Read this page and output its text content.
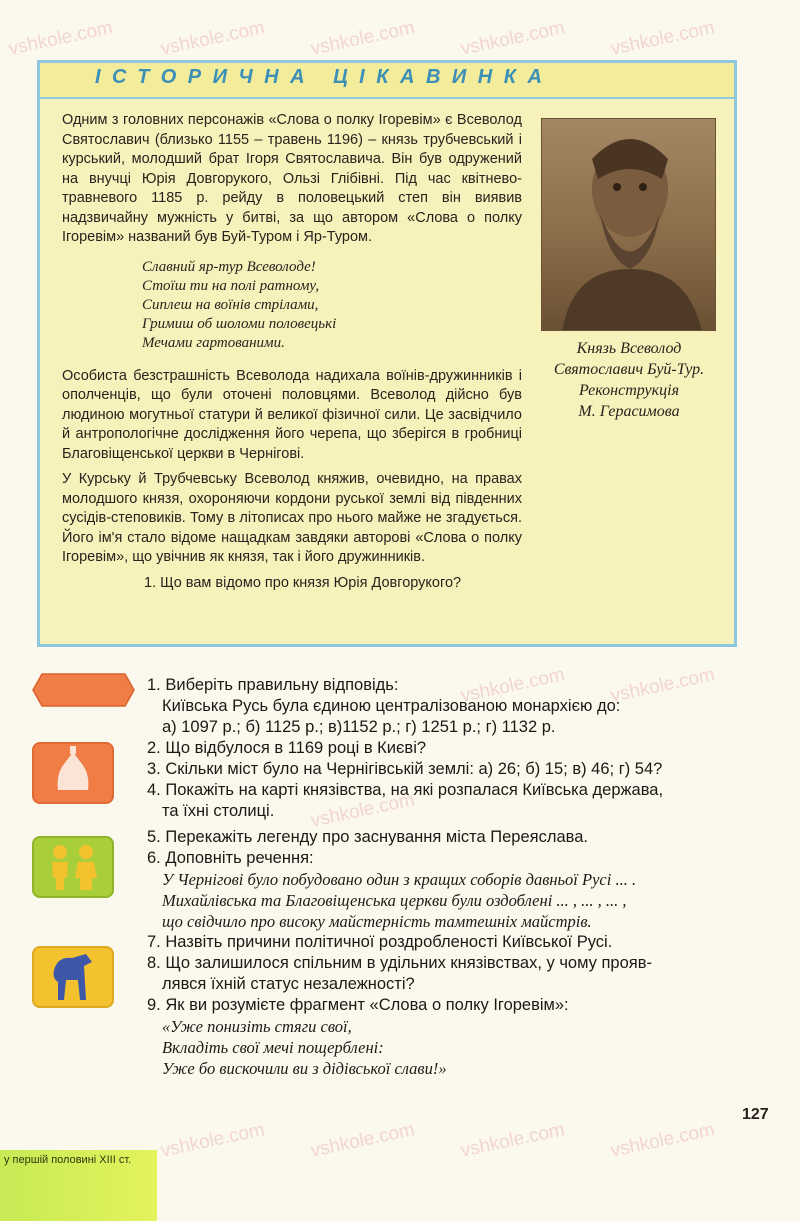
vshkole.com vshkole.com vshkole.com vshkole.com vshkole.com
vshkole.com vshkole.com
vshkole.com
vshkole.com
vshkole.com vshkole.com	vshkole.com
ІСТОРИЧНА ЦІКАВИНКА

Одним з головних персонажів «Слова о полку Ігоревім» є Всеволод Святославич (близько 1155 – травень 1196) – князь трубчевський і курський, молодший брат Ігоря Святославича. Він був одружений на внучці Юрія Довгорукого, Ользі Глібівні. Під час квітнево-травневого 1185 р. рейду в половецький степ він виявив надзвичайну мужність у битві, за що автором «Слова о полку Ігоревім» названий був Буй-Туром і Яр-Туром.

Славний яр-тур Всеволоде!
Стоїш ти на полі ратному,
Сиплеш на воїнів стрілами,
Гримиш об шоломи половецькі
Мечами гартованими.

Особиста безстрашність Всеволода надихала воїнів-дружинників і ополченців, що були оточені половцями. Всеволод дійсно був людиною могутньої статури й великої фізичної сили. Це засвідчило й антропологічне дослідження його черепа, що зберігся в гробниці Благовіщенської церкви в Чернігові.

У Курську й Трубчевську Всеволод княжив, очевидно, на правах молодшого князя, охороняючи кордони руської землі від південних сусідів-степовиків. Тому в літописах про нього майже не згадується. Його ім'я стало відоме нащадкам завдяки авторові «Слова о полку Ігоревім», що увічнив як князя, так і його дружинників.

1. Що вам відомо про князя Юрія Довгорукого?
Князь Всеволод
Святославич Буй-Тур.
Реконструкція
М. Герасимова
1. Виберіть правильну відповідь:
Київська Русь була єдиною централізованою монархією до:
а) 1097 р.; б) 1125 р.; в)1152 р.; г) 1251 р.; г) 1132 р.
2. Що відбулося в 1169 році в Києві?
3. Скільки міст було на Чернігівській землі: а) 26; б) 15; в) 46; г) 54?
4. Покажіть на карті князівства, на які розпалася Київська держава,
та їхні столиці.
5. Перекажіть легенду про заснування міста Переяслава.
6. Доповніть речення:
У Чернігові було побудовано один з кращих соборів давньої Русі ... .
Михайлівська та Благовіщенська церкви були оздоблені ... , ... , ... ,
що свідчило про високу майстерність тамтешніх майстрів.
7. Назвіть причини політичної роздробленості Київської Русі.
8. Що залишилося спільним в удільних князівствах, у чому прояв-
лявся їхній статус незалежності?
9. Як ви розумієте фрагмент «Слова о полку Ігоревім»:
«Уже понизіть стяги свої,
Вкладіть свої мечі пощерблені:
Уже бо вискочили ви з дідівської слави!»
127
у першій половині XIII ст.
